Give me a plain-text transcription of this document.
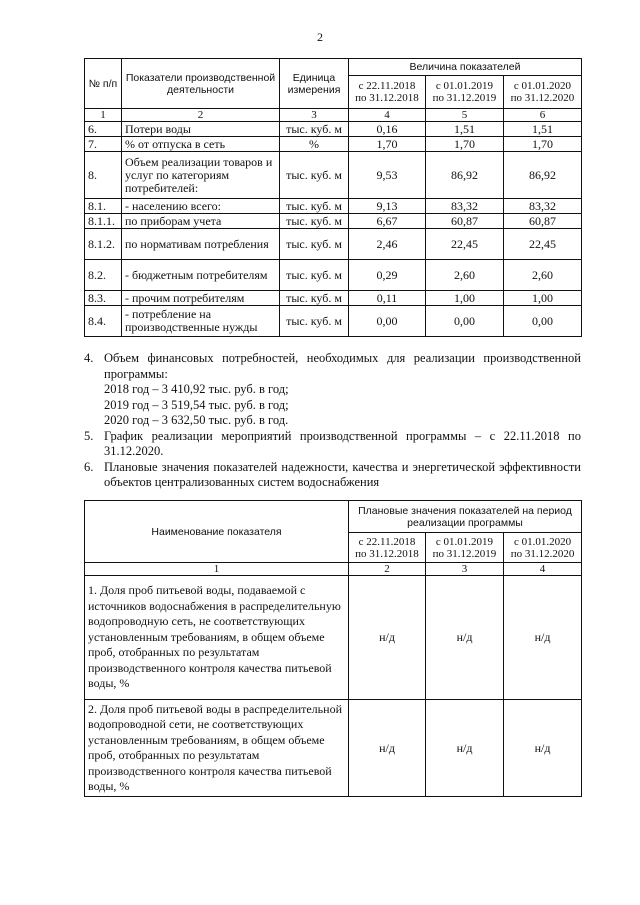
2
№ п/п	Показатели производственной деятельности	Единица измерения	Величина показателей		
			с 22.11.2018 по 31.12.2018	с 01.01.2019 по 31.12.2019	с 01.01.2020 по 31.12.2020
1	2	3	4	5	6
6.	Потери воды	тыс. куб. м	0,16	1,51	1,51
7.	% от отпуска в сеть	%	1,70	1,70	1,70
8.	Объем реализации товаров и услуг по категориям потребителей:	тыс. куб. м	9,53	86,92	86,92
8.1.	- населению всего:	тыс. куб. м	9,13	83,32	83,32
8.1.1.	по приборам учета	тыс. куб. м	6,67	60,87	60,87
8.1.2.	по нормативам потребления	тыс. куб. м	2,46	22,45	22,45
8.2.	- бюджетным потребителям	тыс. куб. м	0,29	2,60	2,60
8.3.	- прочим потребителям	тыс. куб. м	0,11	1,00	1,00
8.4.	- потребление на производственные нужды	тыс. куб. м	0,00	0,00	0,00
4. Объем финансовых потребностей, необходимых для реализации производственной программы:
2018 год – 3 410,92 тыс. руб. в год;
2019 год – 3 519,54 тыс. руб. в год;
2020 год – 3 632,50 тыс. руб. в год.
5. График реализации мероприятий производственной программы – с 22.11.2018 по 31.12.2020.
6. Плановые значения показателей надежности, качества и энергетической эффективности объектов централизованных систем водоснабжения
Наименование показателя	Плановые значения показателей на период реализации программы		
	с 22.11.2018 по 31.12.2018	с 01.01.2019 по 31.12.2019	с 01.01.2020 по 31.12.2020
1	2	3	4
1. Доля проб питьевой воды, подаваемой с источников водоснабжения в распределительную водопроводную сеть, не соответствующих установленным требованиям, в общем объеме проб, отобранных по результатам производственного контроля качества питьевой воды, %	н/д	н/д	н/д
2. Доля проб питьевой воды в распределительной водопроводной сети, не соответствующих установленным требованиям, в общем объеме проб, отобранных по результатам производственного контроля качества питьевой воды, %	н/д	н/д	н/д
